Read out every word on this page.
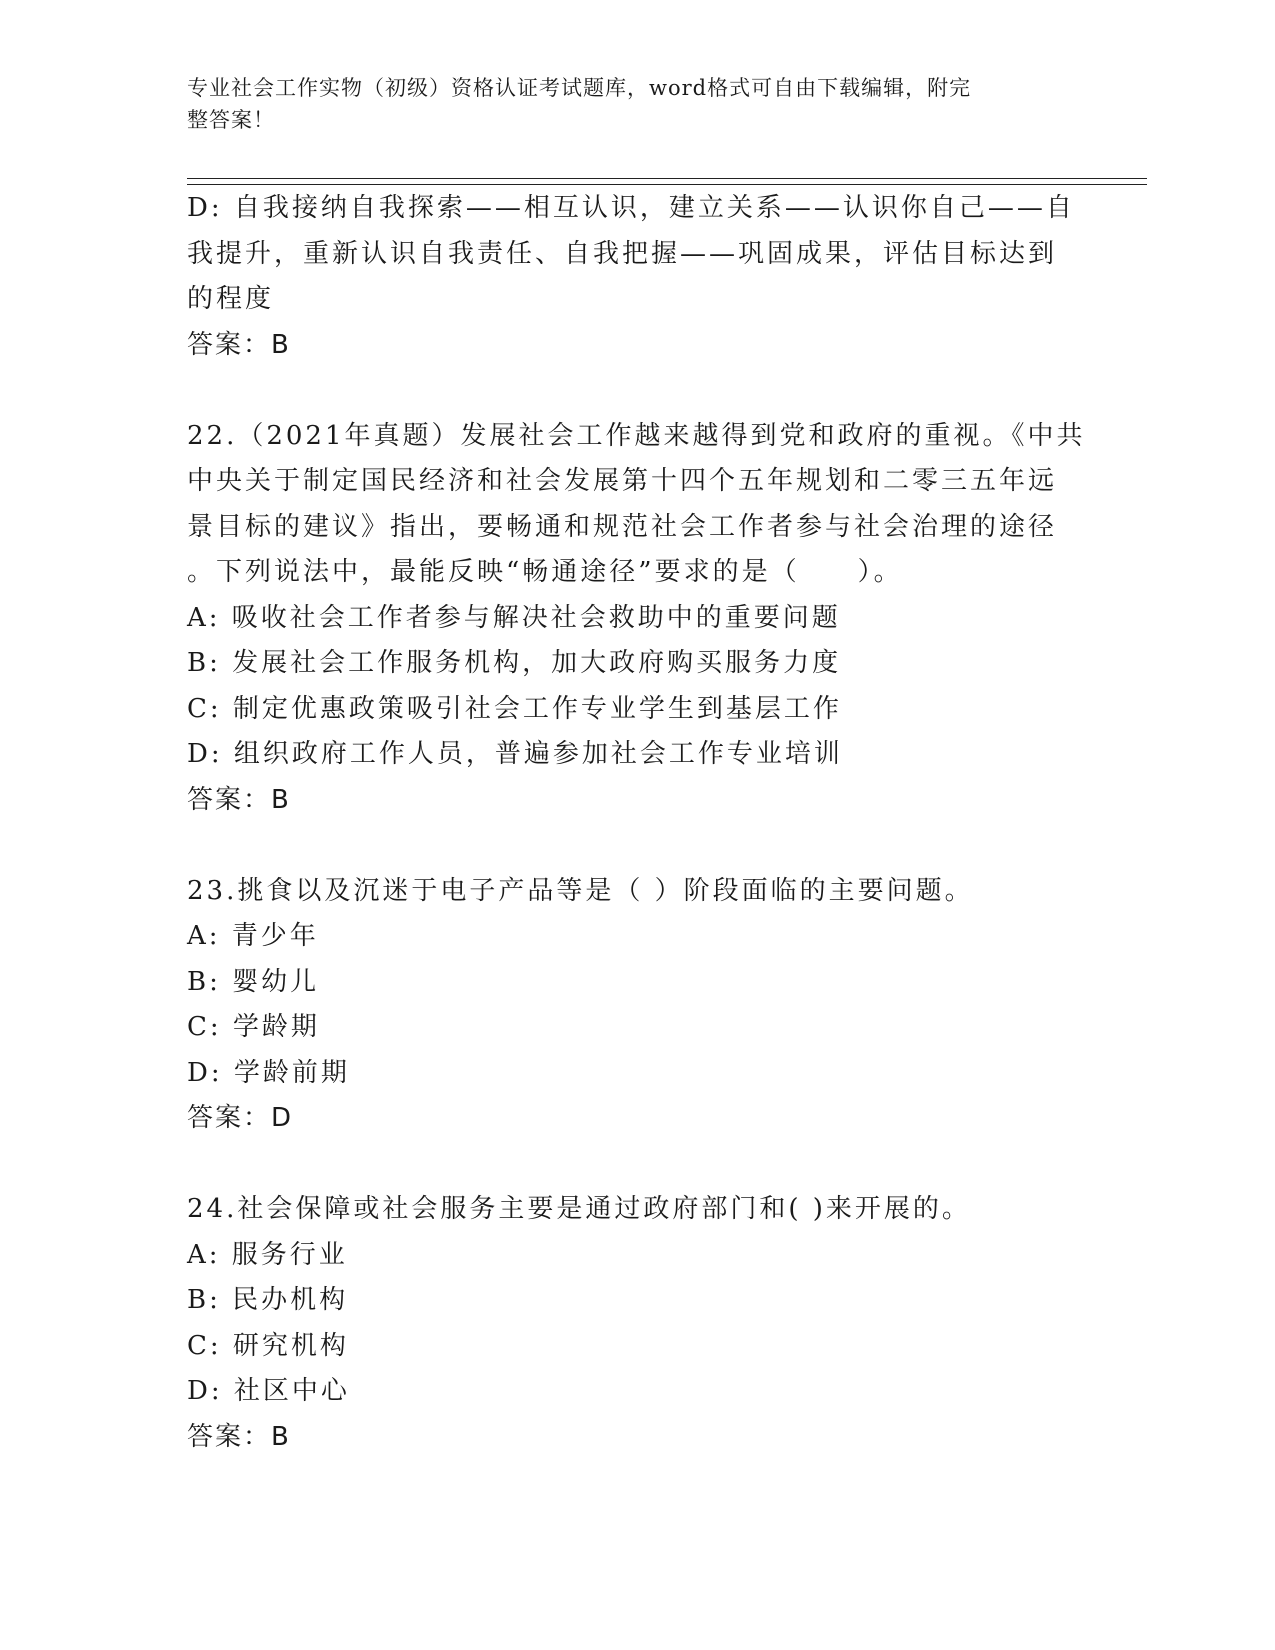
专业社会工作实物（初级）资格认证考试题库，word格式可自由下载编辑，附完
整答案！
D: 自我接纳自我探索——相互认识，建立关系——认识你自己——自
我提升，重新认识自我责任、自我把握——巩固成果，评估目标达到
的程度
答案：B
22.（2021年真题）发展社会工作越来越得到党和政府的重视。《中共
中央关于制定国民经济和社会发展第十四个五年规划和二零三五年远
景目标的建议》指出，要畅通和规范社会工作者参与社会治理的途径
。下列说法中，最能反映“畅通途径”要求的是（　　）。
A: 吸收社会工作者参与解决社会救助中的重要问题
B: 发展社会工作服务机构，加大政府购买服务力度
C: 制定优惠政策吸引社会工作专业学生到基层工作
D: 组织政府工作人员，普遍参加社会工作专业培训
答案：B
23.挑食以及沉迷于电子产品等是（ ）阶段面临的主要问题。
A: 青少年
B: 婴幼儿
C: 学龄期
D: 学龄前期
答案：D
24.社会保障或社会服务主要是通过政府部门和( )来开展的。
A: 服务行业
B: 民办机构
C: 研究机构
D: 社区中心
答案：B
